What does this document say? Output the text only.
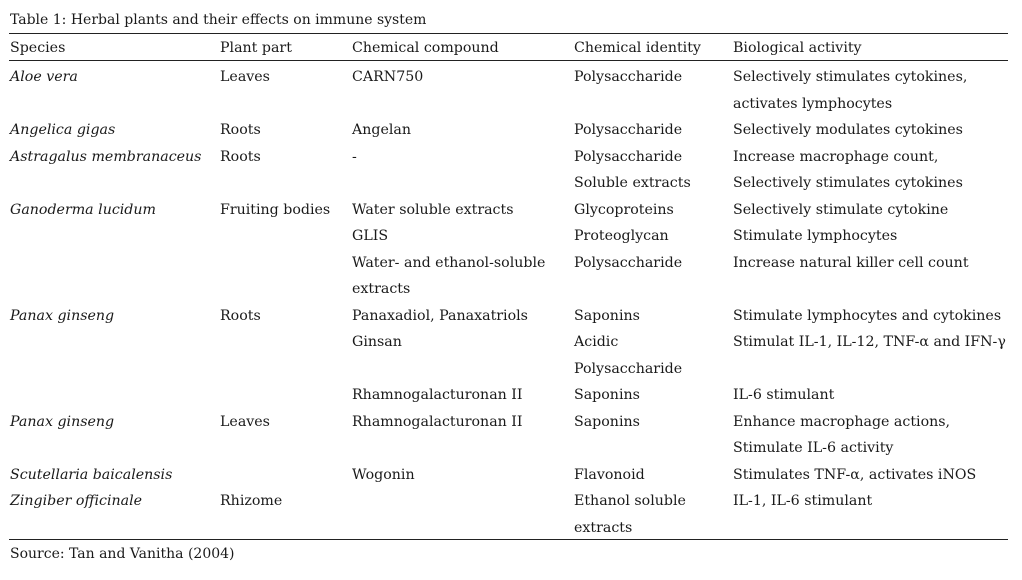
Table 1: Herbal plants and their effects on immune system
Species	Plant part	Chemical compound	Chemical identity	Biological activity
Aloe vera	Leaves	CARN750	Polysaccharide	Selectively stimulates cytokines,
				activates lymphocytes
Angelica gigas	Roots	Angelan	Polysaccharide	Selectively modulates cytokines
Astragalus membranaceus	Roots	-	Polysaccharide	Increase macrophage count,
			Soluble extracts	Selectively stimulates cytokines
Ganoderma lucidum	Fruiting bodies	Water soluble extracts	Glycoproteins	Selectively stimulate cytokine
		GLIS	Proteoglycan	Stimulate lymphocytes
		Water- and ethanol-soluble	Polysaccharide	Increase natural killer cell count
		extracts		
Panax ginseng	Roots	Panaxadiol, Panaxatriols	Saponins	Stimulate lymphocytes and cytokines
		Ginsan	Acidic	Stimulat IL-1, IL-12, TNF-α and IFN-γ
			Polysaccharide	
		Rhamnogalacturonan II	Saponins	IL-6 stimulant
Panax ginseng	Leaves	Rhamnogalacturonan II	Saponins	Enhance macrophage actions,
				Stimulate IL-6 activity
Scutellaria baicalensis		Wogonin	Flavonoid	Stimulates TNF-α, activates iNOS
Zingiber officinale	Rhizome		Ethanol soluble	IL-1, IL-6 stimulant
			extracts	
Source: Tan and Vanitha (2004)
